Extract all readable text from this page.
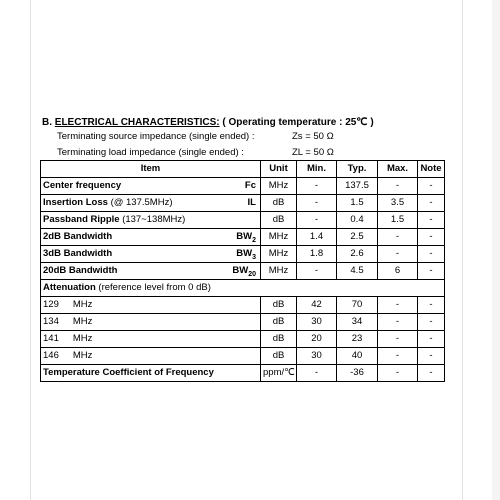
B. ELECTRICAL CHARACTERISTICS: ( Operating temperature : 25℃ )
Terminating source impedance (single ended) :	Zs = 50 Ω
Terminating load impedance (single ended) :	ZL = 50 Ω
Item	Unit	Min.	Typ.	Max.	Note
Center frequency Fc	MHz	-	137.5	-	-
Insertion Loss (@ 137.5MHz) IL	dB	-	1.5	3.5	-
Passband Ripple (137~138MHz)	dB	-	0.4	1.5	-
2dB Bandwidth $BW_2$	MHz	1.4	2.5	-	-
3dB Bandwidth $BW_3$	MHz	1.8	2.6	-	-
20dB Bandwidth $BW_{20}$	MHz	-	4.5	6	-
Attenuation (reference level from 0 dB)					
129 MHz	dB	42	70	-	-
134 MHz	dB	30	34	-	-
141 MHz	dB	20	23	-	-
146 MHz	dB	30	40	-	-
Temperature Coefficient of Frequency	ppm/℃	-	-36	-	-
